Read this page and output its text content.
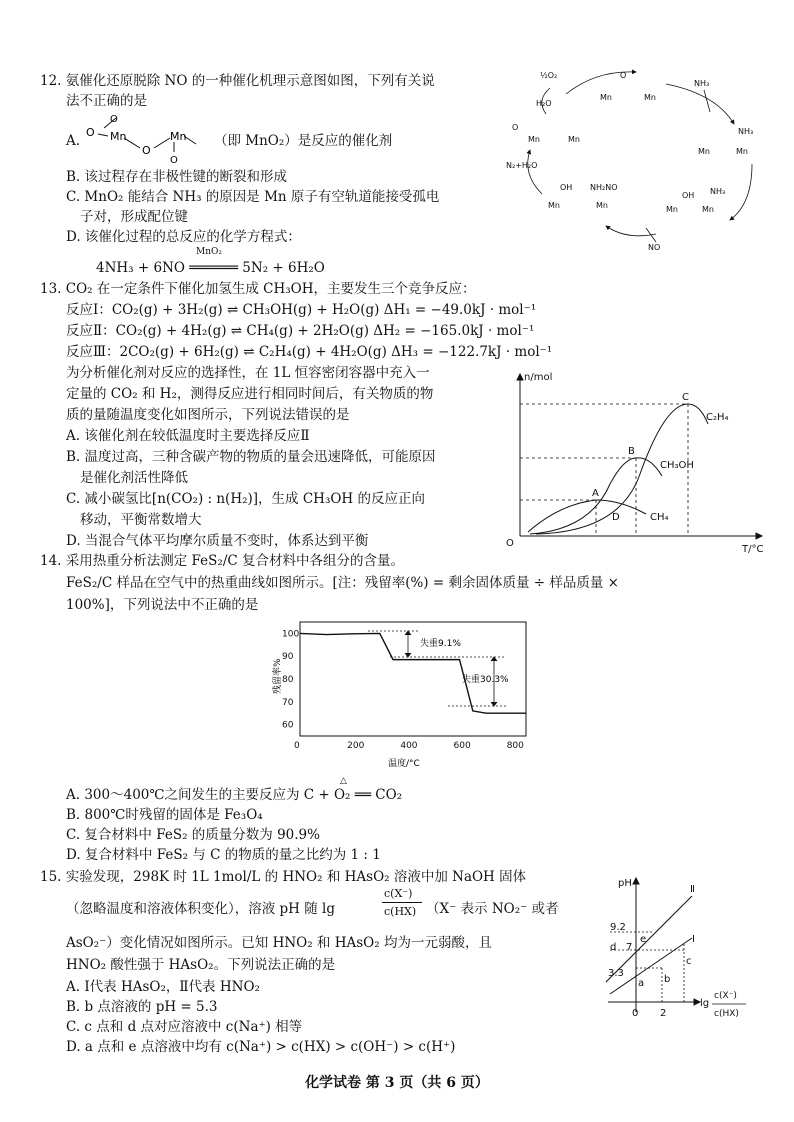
12. 氨催化还原脱除 NO 的一种催化机理示意图如图，下列有关说
法不正确的是
A.
O
O Mn
O
Mn
O
（即 MnO₂）是反应的催化剂
B. 该过程存在非极性键的断裂和形成
C. MnO₂ 能结合 NH₃ 的原因是 Mn 原子有空轨道能接受孤电
子对，形成配位键
D. 该催化过程的总反应的化学方程式：
MnO₂
4NH₃ + 6NO ══════ 5N₂ + 6H₂O
½O₂
H₂O
Mn	Mn
O
NH₃
NH₃
Mn	Mn
Mn	Mn
O
N₂+H₂O
OH NH₂NO
Mn	Mn
OH NH₃
Mn	Mn
NO
13. CO₂ 在一定条件下催化加氢生成 CH₃OH，主要发生三个竞争反应：
反应Ⅰ：CO₂(g) + 3H₂(g) ⇌ CH₃OH(g) + H₂O(g) ΔH₁ = −49.0kJ · mol⁻¹
反应Ⅱ：CO₂(g) + 4H₂(g) ⇌ CH₄(g) + 2H₂O(g) ΔH₂ = −165.0kJ · mol⁻¹
反应Ⅲ：2CO₂(g) + 6H₂(g) ⇌ C₂H₄(g) + 4H₂O(g) ΔH₃ = −122.7kJ · mol⁻¹
为分析催化剂对反应的选择性，在 1L 恒容密闭容器中充入一
定量的 CO₂ 和 H₂，测得反应进行相同时间后，有关物质的物
质的量随温度变化如图所示，下列说法错误的是
A. 该催化剂在较低温度时主要选择反应Ⅱ
B. 温度过高，三种含碳产物的物质的量会迅速降低，可能原因
是催化剂活性降低
C. 减小碳氢比[n(CO₂) : n(H₂)]，生成 CH₃OH 的反应正向
移动，平衡常数增大
D. 当混合气体平均摩尔质量不变时，体系达到平衡
n/mol
O
T/°C
C
B
A
D
C₂H₄
CH₃OH
CH₄
14. 采用热重分析法测定 FeS₂/C 复合材料中各组分的含量。
FeS₂/C 样品在空气中的热重曲线如图所示。[注：残留率(%) = 剩余固体质量 ÷ 样品质量 ×
100%]，下列说法中不正确的是
100
90
80
70
60
0	200	400	600	800
失重9.1%
失重30.3%
残留率%
温度/°C
A. 300～400℃之间发生的主要反应为 C + O₂ ══ CO₂
△
B. 800℃时残留的固体是 Fe₃O₄
C. 复合材料中 FeS₂ 的质量分数为 90.9%
D. 复合材料中 FeS₂ 与 C 的物质的量之比约为 1 : 1
15. 实验发现，298K 时 1L 1mol/L 的 HNO₂ 和 HAsO₂ 溶液中加 NaOH 固体
（忽略温度和溶液体积变化），溶液 pH 随 lg
c(X⁻)
c(HX) （X⁻ 表示 NO₂⁻ 或者
AsO₂⁻）变化情况如图所示。已知 HNO₂ 和 HAsO₂ 均为一元弱酸，且
HNO₂ 酸性强于 HAsO₂。下列说法正确的是
A. Ⅰ代表 HAsO₂，Ⅱ代表 HNO₂
B. b 点溶液的 pH = 5.3
C. c 点和 d 点对应溶液中 c(Na⁺) 相等
D. a 点和 e 点溶液中均有 c(Na⁺) > c(HX) > c(OH⁻) > c(H⁺)
pH
Ⅱ
Ⅰ
9.2
3.3
d 7
e
a b
c
0 2
lg
c(X⁻)
c(HX)
化学试卷 第 3 页（共 6 页）
